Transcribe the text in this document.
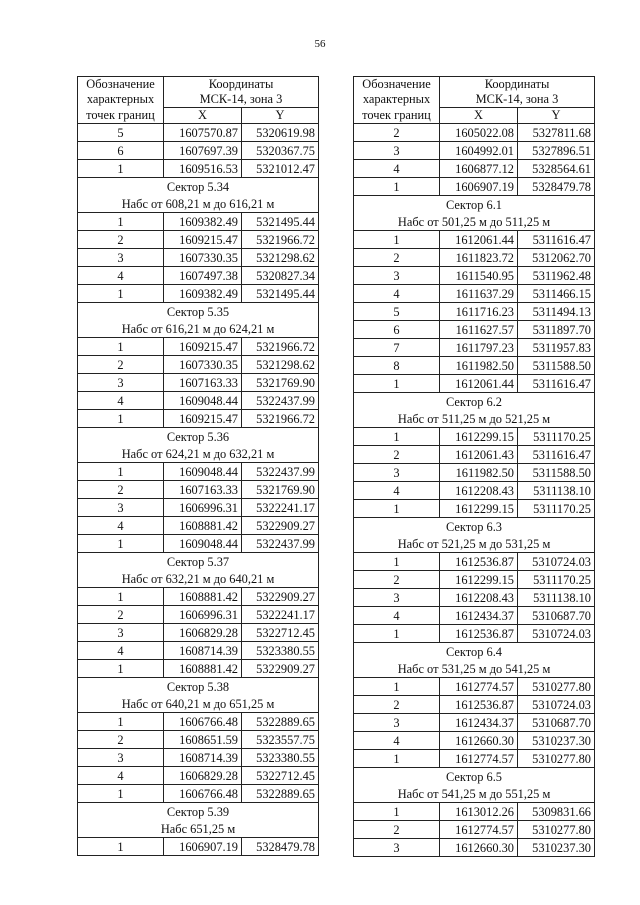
56
Обозначение	Координаты	
характерных	МСК-14, зона 3	
точек границ	X	Y
5	1607570.87	5320619.98
6	1607697.39	5320367.75
1	1609516.53	5321012.47
Сектор 5.34		
Набс от 608,21 м до 616,21 м		
1	1609382.49	5321495.44
2	1609215.47	5321966.72
3	1607330.35	5321298.62
4	1607497.38	5320827.34
1	1609382.49	5321495.44
Сектор 5.35		
Набс от 616,21 м до 624,21 м		
1	1609215.47	5321966.72
2	1607330.35	5321298.62
3	1607163.33	5321769.90
4	1609048.44	5322437.99
1	1609215.47	5321966.72
Сектор 5.36		
Набс от 624,21 м до 632,21 м		
1	1609048.44	5322437.99
2	1607163.33	5321769.90
3	1606996.31	5322241.17
4	1608881.42	5322909.27
1	1609048.44	5322437.99
Сектор 5.37		
Набс от 632,21 м до 640,21 м		
1	1608881.42	5322909.27
2	1606996.31	5322241.17
3	1606829.28	5322712.45
4	1608714.39	5323380.55
1	1608881.42	5322909.27
Сектор 5.38		
Набс от 640,21 м до 651,25 м		
1	1606766.48	5322889.65
2	1608651.59	5323557.75
3	1608714.39	5323380.55
4	1606829.28	5322712.45
1	1606766.48	5322889.65
Сектор 5.39		
Набс 651,25 м		
1	1606907.19	5328479.78
Обозначение	Координаты	
характерных	МСК-14, зона 3	
точек границ	X	Y
2	1605022.08	5327811.68
3	1604992.01	5327896.51
4	1606877.12	5328564.61
1	1606907.19	5328479.78
Сектор 6.1		
Набс от 501,25 м до 511,25 м		
1	1612061.44	5311616.47
2	1611823.72	5312062.70
3	1611540.95	5311962.48
4	1611637.29	5311466.15
5	1611716.23	5311494.13
6	1611627.57	5311897.70
7	1611797.23	5311957.83
8	1611982.50	5311588.50
1	1612061.44	5311616.47
Сектор 6.2		
Набс от 511,25 м до 521,25 м		
1	1612299.15	5311170.25
2	1612061.43	5311616.47
3	1611982.50	5311588.50
4	1612208.43	5311138.10
1	1612299.15	5311170.25
Сектор 6.3		
Набс от 521,25 м до 531,25 м		
1	1612536.87	5310724.03
2	1612299.15	5311170.25
3	1612208.43	5311138.10
4	1612434.37	5310687.70
1	1612536.87	5310724.03
Сектор 6.4		
Набс от 531,25 м до 541,25 м		
1	1612774.57	5310277.80
2	1612536.87	5310724.03
3	1612434.37	5310687.70
4	1612660.30	5310237.30
1	1612774.57	5310277.80
Сектор 6.5		
Набс от 541,25 м до 551,25 м		
1	1613012.26	5309831.66
2	1612774.57	5310277.80
3	1612660.30	5310237.30
